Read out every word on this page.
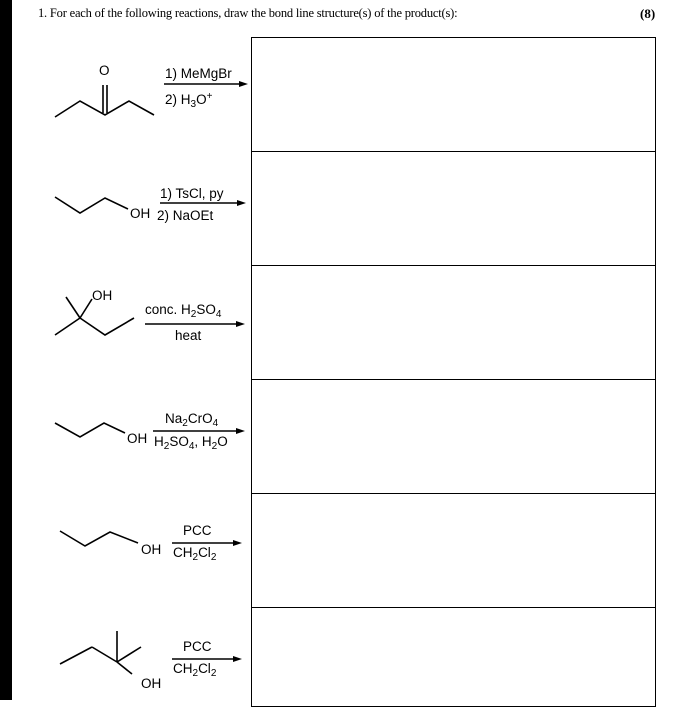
1. For each of the following reactions, draw the bond line structure(s) of the product(s):	(8)
O	1) MeMgBr
2) $H_3O^+$
OH
1) TsCl, py
2) NaOEt
OH
conc. $H_2SO_4$
heat
OH
$Na_2CrO_4$
$H_2SO_4$, $H_2O$
OH
PCC
$CH_2Cl_2$
OH
PCC
$CH_2Cl_2$
